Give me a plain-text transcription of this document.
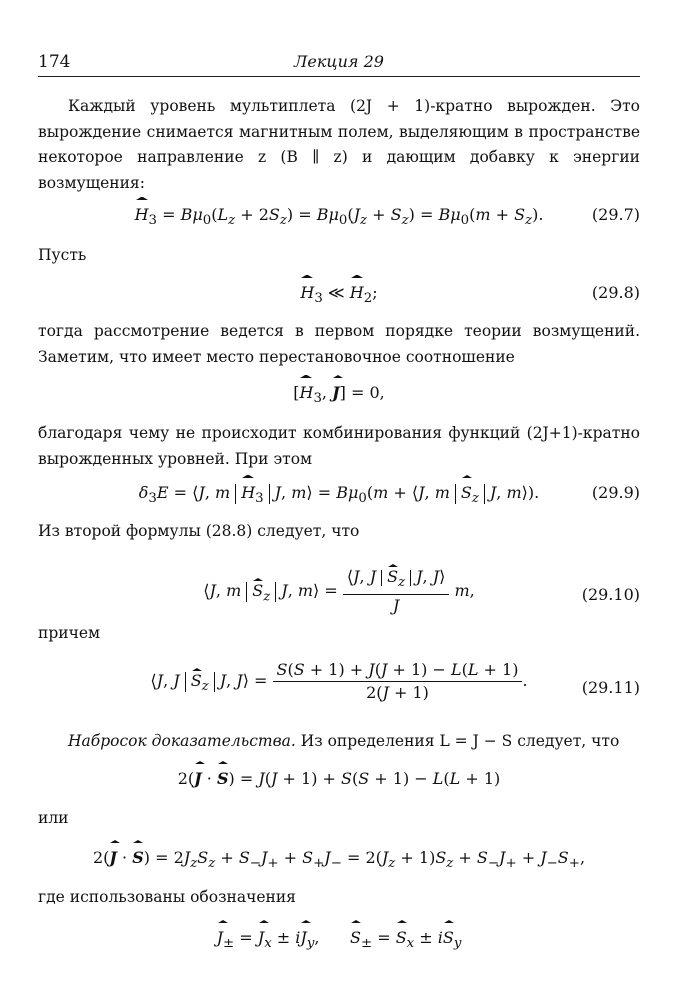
174	Лекция 29
Каждый уровень мультиплета (2J + 1)-кратно вырожден. Это вырождение снимается магнитным полем, выделяющим в пространстве некоторое направление z (B ∥ z) и дающим добавку к энергии возмущения:
$H_3 = B\mu_0(L_z + 2S_z) = B\mu_0(J_z + S_z) = B\mu_0(m + S_z)$.	(29.7)
Пусть
$H_3$ ≪ $H_2$;	(29.8)
тогда рассмотрение ведется в первом порядке теории возмущений. Заметим, что имеет место перестановочное соотношение
[$H_3$, J] = 0,
благодаря чему не происходит комбинирования функций (2J+1)-кратно вырожденных уровней. При этом
$\delta_3E$ = ⟨J, m $H_3$ J, m⟩ = $B\mu_0(m$ + ⟨J, m $S_z$ J, m⟩).	(29.9)
Из второй формулы (28.8) следует, что
⟨J, m $S_z$ J, m⟩ = $\frac{⟨J, J S_z J, J⟩}{J} m$,	(29.10)
причем
⟨J, J $S_z$ J, J⟩ = $\frac{S(S + 1) + J(J + 1) - L(L + 1)}{2(J + 1)}$ .	(29.11)
Набросок доказательства. Из определения L = J − S следует, что
2(J · S) = J(J + 1) + S(S + 1) − L(L + 1)
или
$2(J \cdot S) = 2J_zS_z + S_-J_+ + S_+J_- = 2(J_z + 1)S_z + S_-J_+ + J_-S_+$,
где использованы обозначения
$J_\pm = J_x \pm iJ_y$,      $S_\pm = S_x \pm iS_y$
